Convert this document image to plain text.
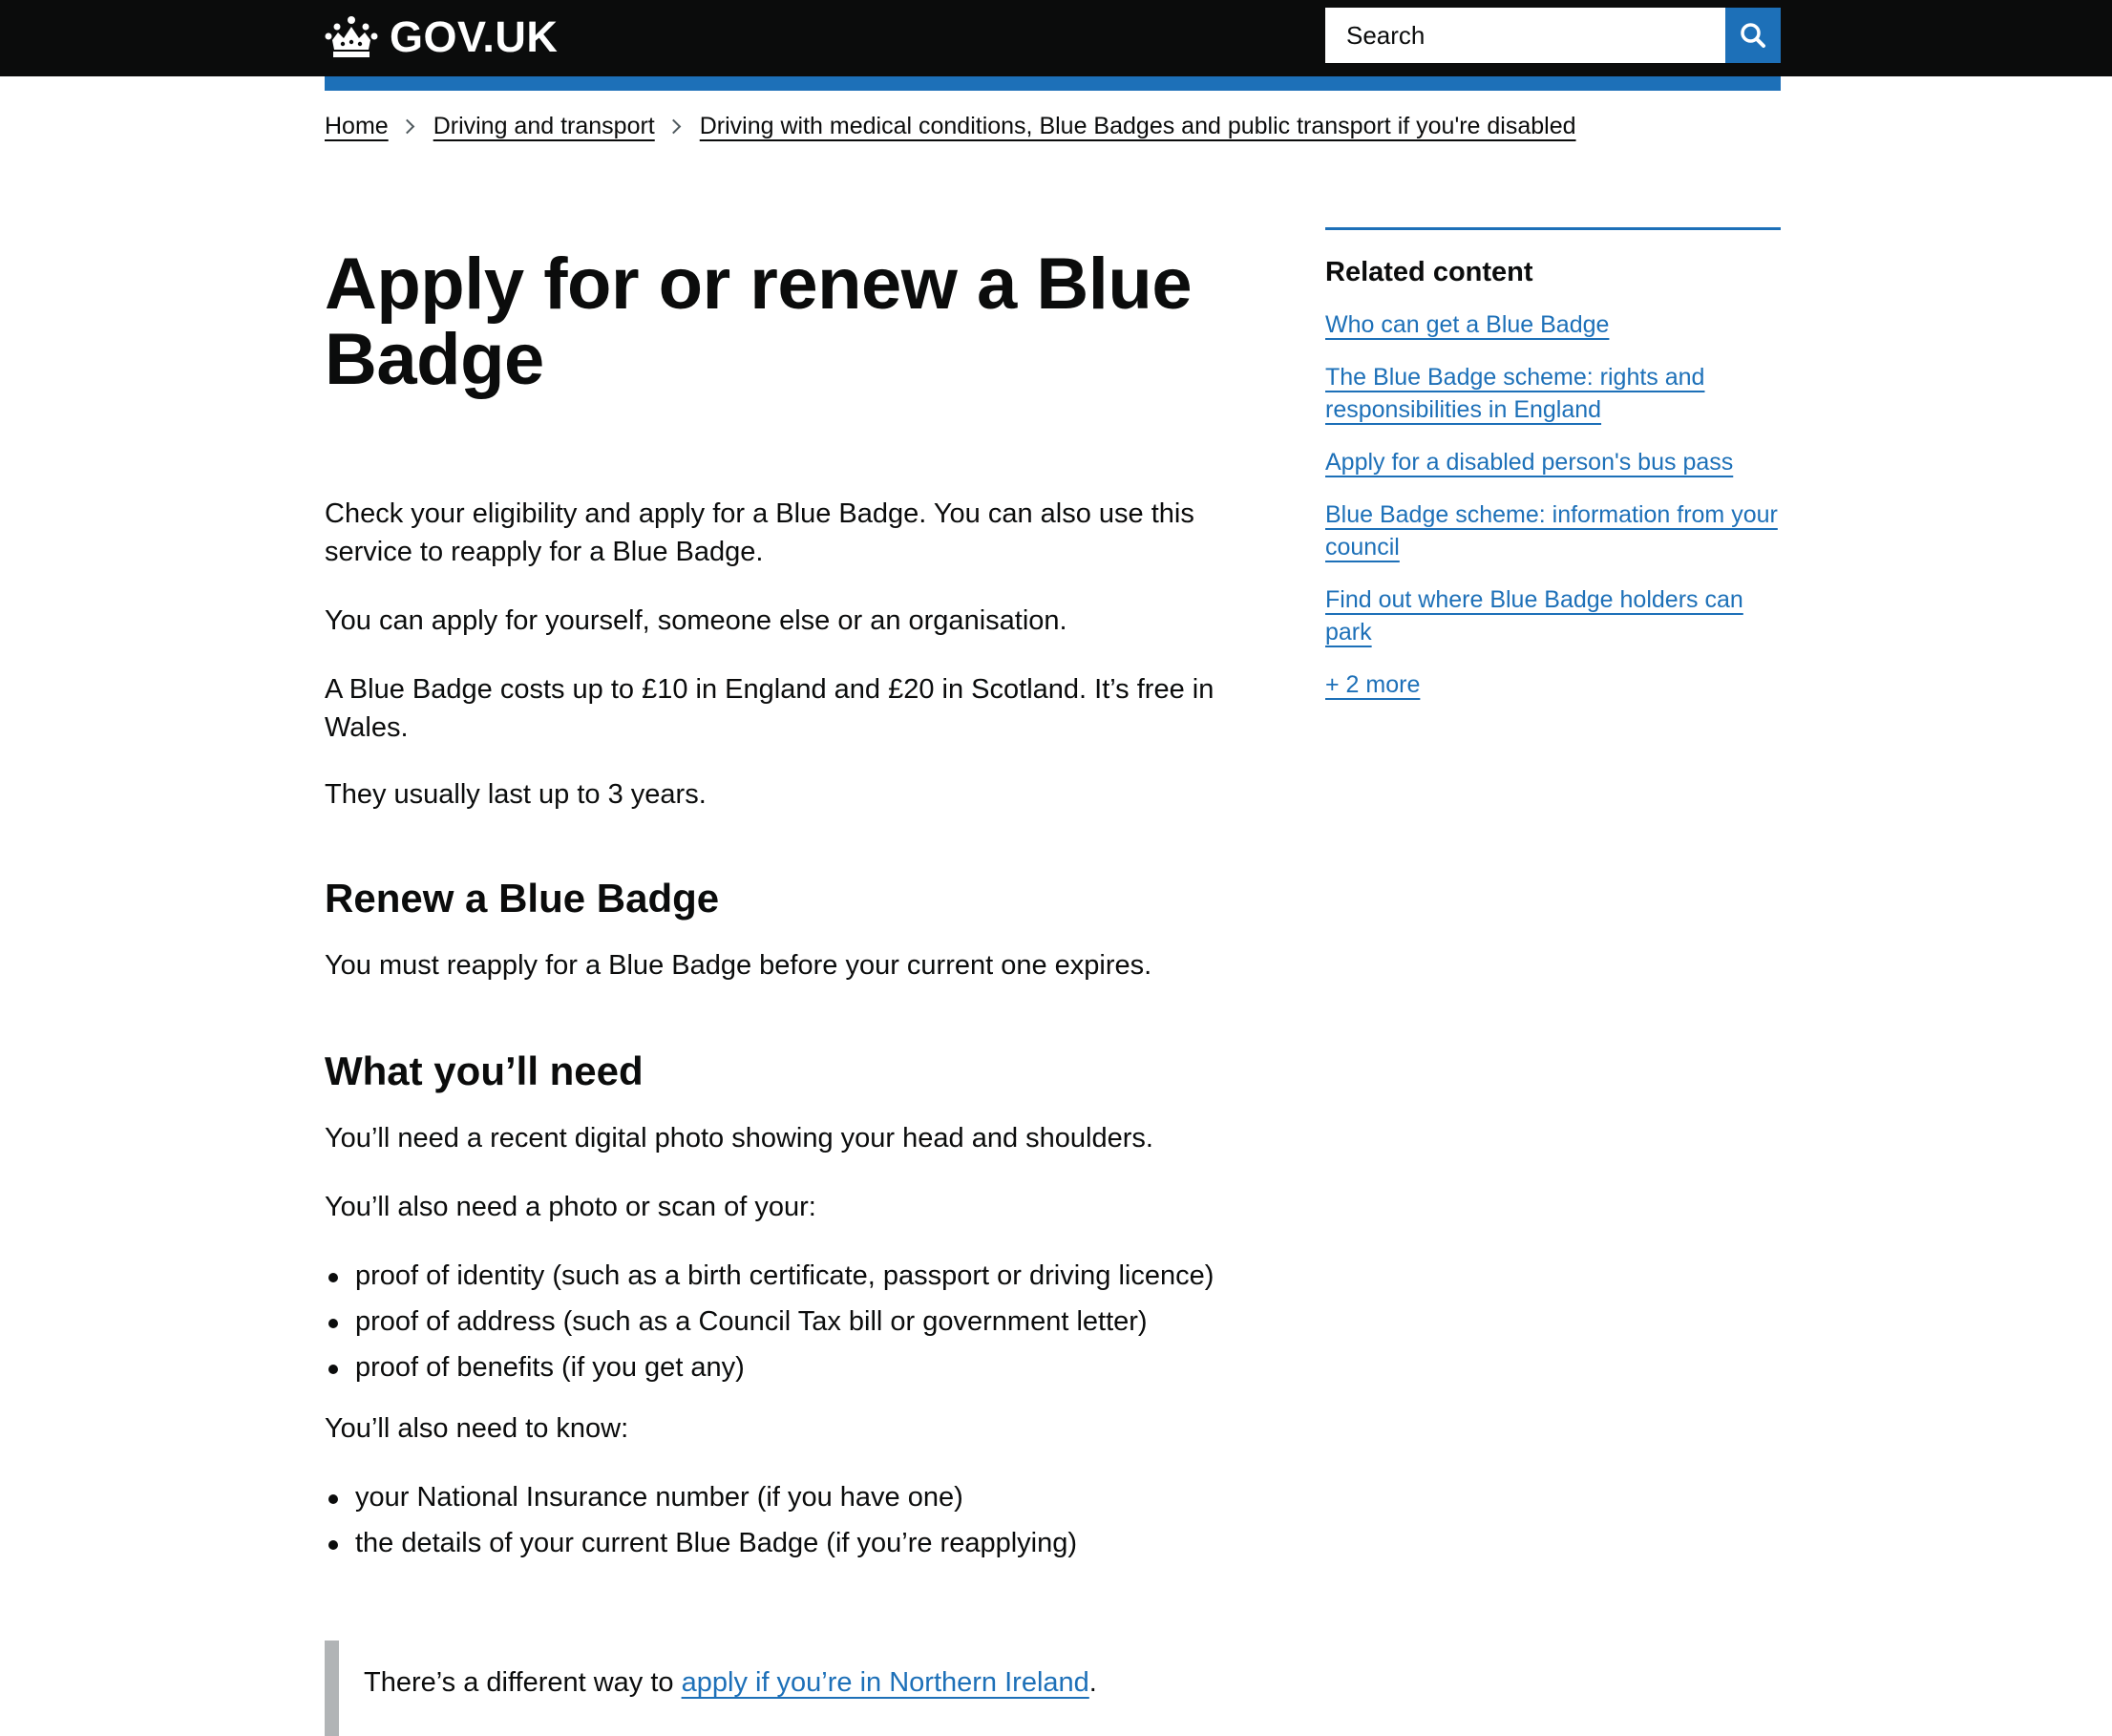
GOV.UK
Search
Home Driving and transport Driving with medical conditions, Blue Badges and public transport if you're disabled
Apply for or renew a Blue
Badge

Check your eligibility and apply for a Blue Badge. You can also use this service to reapply for a Blue Badge.

You can apply for yourself, someone else or an organisation.

A Blue Badge costs up to £10 in England and £20 in Scotland. It’s free in Wales.

They usually last up to 3 years.

Renew a Blue Badge

You must reapply for a Blue Badge before your current one expires.

What you’ll need

You’ll need a recent digital photo showing your head and shoulders.

You’ll also need a photo or scan of your:

proof of identity (such as a birth certificate, passport or driving licence)
proof of address (such as a Council Tax bill or government letter)
proof of benefits (if you get any)

You’ll also need to know:

your National Insurance number (if you have one)
the details of your current Blue Badge (if you’re reapplying)
There’s a different way to apply if you’re in Northern Ireland.
Related content
Who can get a Blue Badge
The Blue Badge scheme: rights and responsibilities in England
Apply for a disabled person's bus pass
Blue Badge scheme: information from your council
Find out where Blue Badge holders can park
+ 2 more
